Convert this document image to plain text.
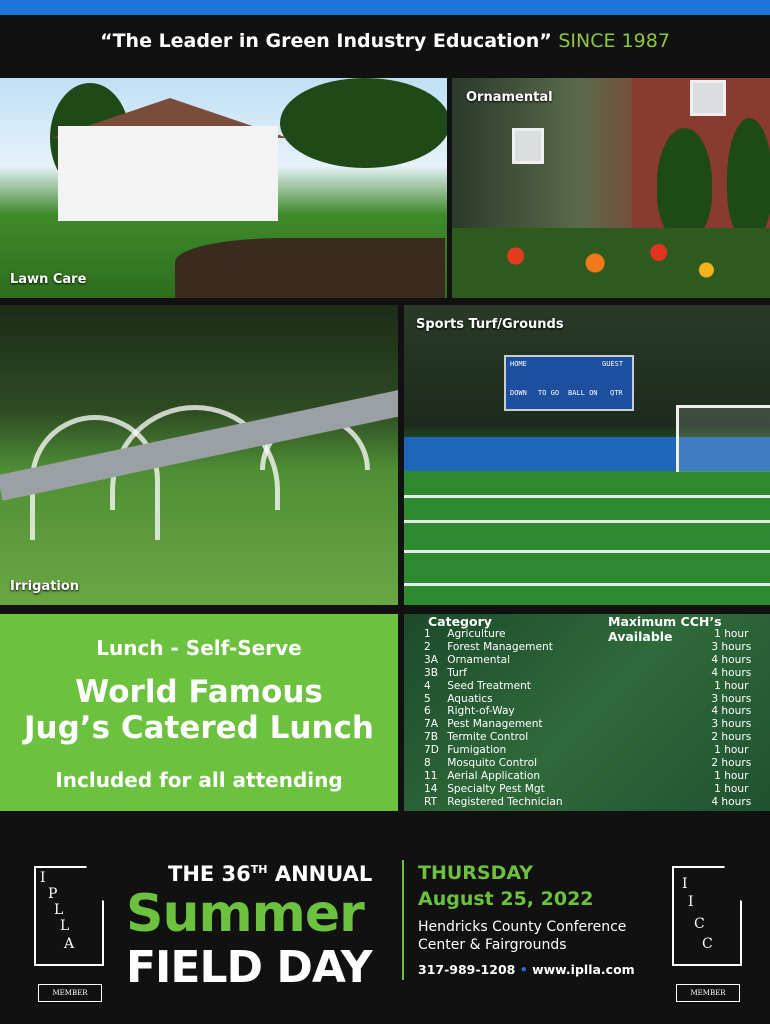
“The Leader in Green Industry Education” SINCE 1987
Lawn Care
Ornamental
Irrigation
HOME	GUEST
DOWN TO GO BALL ON QTR
Sports Turf/Grounds
Lunch - Self-Serve
World Famous
Jug’s Catered Lunch
Included for all attending
Category	Maximum CCH’s Available
1	Agriculture	1 hour
2	Forest Management	3 hours
3A	Ornamental	4 hours
3B	Turf	4 hours
4	Seed Treatment	1 hour
5	Aquatics	3 hours
6	Right-of-Way	4 hours
7A	Pest Management	3 hours
7B	Termite Control	2 hours
7D	Fumigation	1 hour
8	Mosquito Control	2 hours
11	Aerial Application	1 hour
14	Specialty Pest Mgt	1 hour
RT	Registered Technician	4 hours
I
P
L
L
A
MEMBER
THE 36TH ANNUAL
Summer
FIELD DAY
THURSDAY
August 25, 2022
Hendricks County Conference
Center & Fairgrounds
317-989-1208 • www.iplla.com
I
I
C
C
MEMBER
